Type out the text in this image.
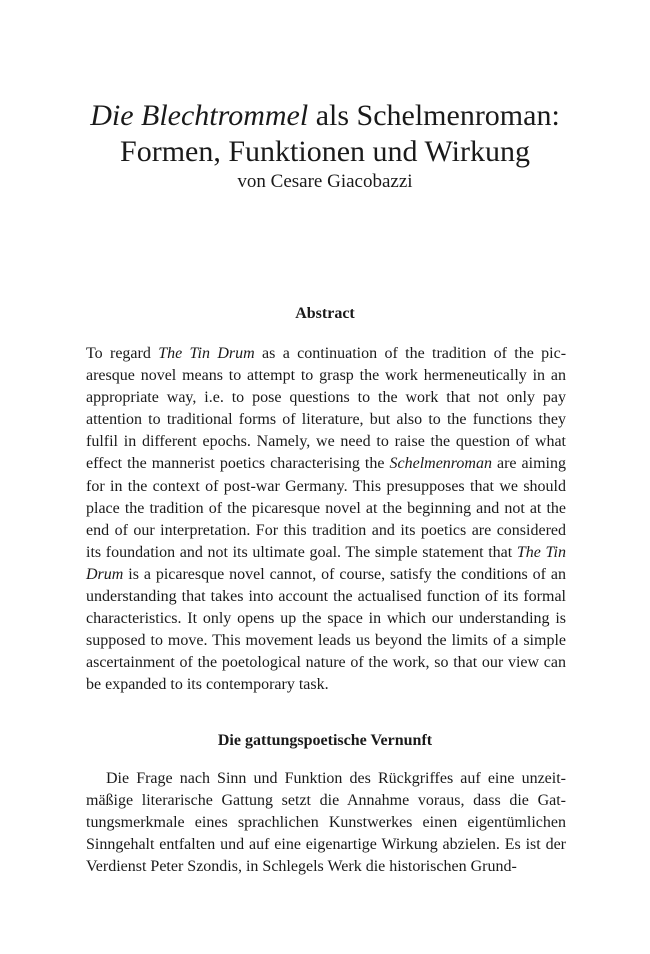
Die Blechtrommel als Schelmenroman:
Formen, Funktionen und Wirkung
von Cesare Giacobazzi
Abstract
To regard The Tin Drum as a continuation of the tradition of the picaresque novel means to attempt to grasp the work hermeneutically in an appropriate way, i.e. to pose questions to the work that not only pay attention to traditional forms of literature, but also to the functions they fulfil in different epochs. Namely, we need to raise the question of what effect the mannerist poetics characterising the Schelmenroman are aiming for in the context of post-war Germany. This presupposes that we should place the tradition of the picaresque novel at the beginning and not at the end of our interpretation. For this tradition and its poetics are considered its foundation and not its ultimate goal. The simple statement that The Tin Drum is a picaresque novel cannot, of course, satisfy the conditions of an understanding that takes into account the actualised function of its formal characteristics. It only opens up the space in which our understanding is supposed to move. This movement leads us beyond the limits of a simple ascertainment of the poetological nature of the work, so that our view can be expanded to its contemporary task.
Die gattungspoetische Vernunft
Die Frage nach Sinn und Funktion des Rückgriffes auf eine unzeitmäßige literarische Gattung setzt die Annahme voraus, dass die Gattungsmerkmale eines sprachlichen Kunstwerkes einen eigentümlichen Sinngehalt entfalten und auf eine eigenartige Wirkung abzielen. Es ist der Verdienst Peter Szondis, in Schlegels Werk die historischen Grund-
